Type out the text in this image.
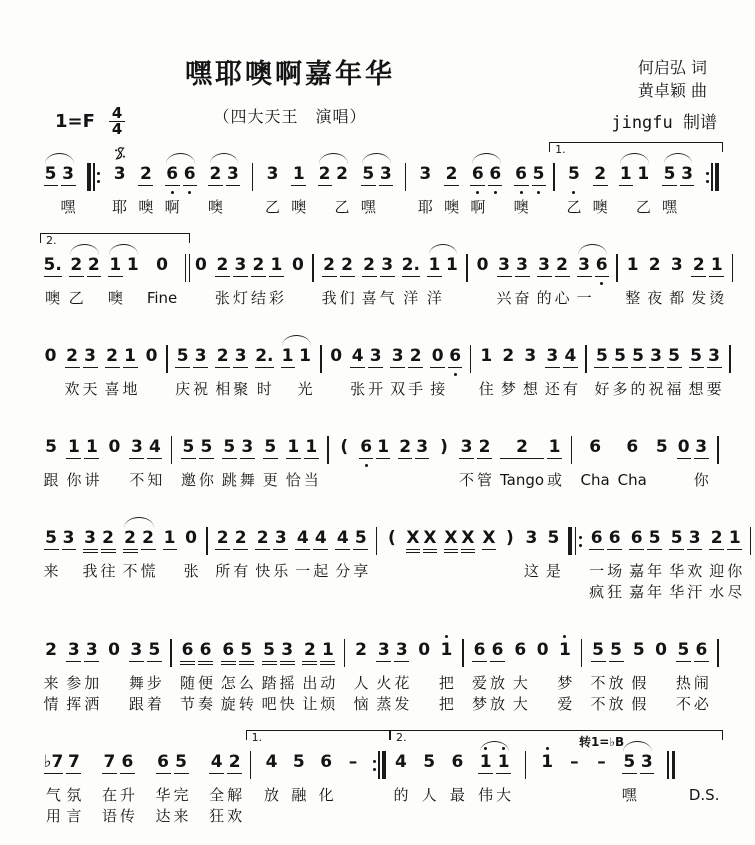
嘿耶噢啊嘉年华
（四大天王　演唱）
何启弘 词
黄卓颖 曲
jingfu 制谱
$1=F \frac{4}{4}$
5
3
嘿
3
耶
2
噢
6
啊
6
2
噢
3
3
乙
1
噢
2
2
乙
5
嘿
3
3
耶
2
噢
6
啊
6
6
噢
5

1.
5
乙
2
噢
1
1
乙
5
嘿
3

2.
5.
噢
2
乙
2
1
噢
1
0
Fine
0
2
张
3
灯
2
结
1
彩
0
2
我
2
们
2
喜
3
气
2.
洋
1
洋
1
0
3
兴
3
奋
3
的
2
心
3
一
6
1
整
2
夜
3
都
2
发
1
烫
0
2
欢
3
天
2
喜
1
地
0
5
庆
3
祝
2
相
3
聚
2.
时
1
1
光
0
4
张
3
开
3
双
2
手
0
接
6
1
住
2
梦
3
想
3
还
4
有
5
好
5
多
5
的
3
祝
5
福
5
想
3
要
5
跟
1
你
1
讲
0
3
不
4
知
5
邀
5
你
5
跳
3
舞
5
更
1
恰
1
当
(
6
1
2
3
)
3
不
2
管
2
Tango
1
或
6
Cha
6
Cha
5
0
3
你
5
来

3

3
我

2
往

2
不

2
慌

1

0
张

2
所

2
有

2
快

3
乐

4
一

4
起

4
分

5
享

(

X

X

X

X

X

)

3
这

5
是

6
一
疯
6
场
狂
6
嘉
嘉
5
年
年
5
华
华
3
欢
汗
2
迎
水
1
你
尽
2
来
情
3
参
挥
3
加
洒
0

3
舞
跟
5
步
着
6
随
节
6
便
奏
6
怎
旋
5
么
转
5
踏
吧
3
摇
快
2
出
让
1
动
烦
2
人
恼
3
火
蒸
3
花
发
0

1
把
把
6
爱
梦
6
放
放
6
大
大
0

1
梦
爱
5
不
不
5
放
放
5
假
假
0

5
热
不
6
闹
必
♭7
气
用
7
氛
言
7
在
语
6
升
传
6
华
达
5
完
来
4
全
狂
2
解
欢
1.
4
放

5
融

6
化

–

2.
4
的

5
人

6
最

1
伟

1
大

1

–

转1=♭B
–

5
嘿

3

D.S.
